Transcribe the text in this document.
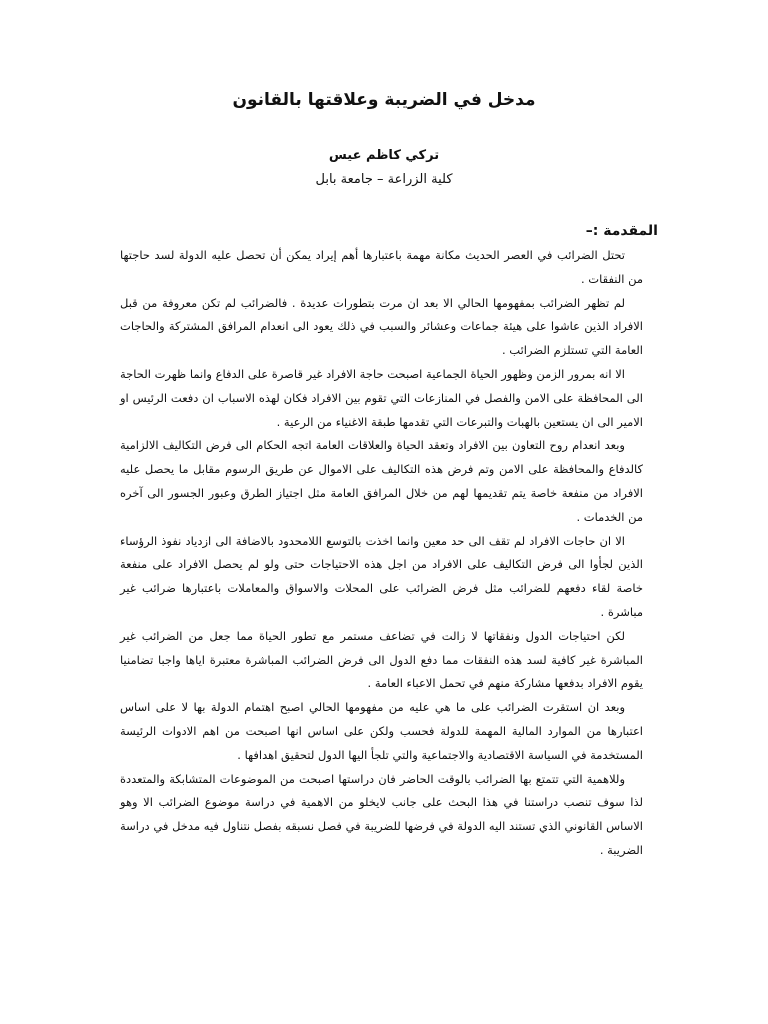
مدخل في الضريبة وعلاقتها بالقانون
تركي كاظم عيس
كلية الزراعة – جامعة بابل
المقدمة :–

تحتل الضرائب في العصر الحديث مكانة مهمة باعتبارها أهم إيراد يمكن أن تحصل عليه الدولة لسد حاجتها من النفقات .

لم تظهر الضرائب بمفهومها الحالي الا بعد ان مرت بتطورات عديدة . فالضرائب لم تكن معروفة من قبل الافراد الذين عاشوا على هيئة جماعات وعشائر والسبب في ذلك يعود الى انعدام المرافق المشتركة والحاجات العامة التي تستلزم الضرائب .

الا انه بمرور الزمن وظهور الحياة الجماعية اصبحت حاجة الافراد غير قاصرة على الدفاع وانما ظهرت الحاجة الى المحافظة على الامن والفصل في المنازعات التي تقوم بين الافراد فكان لهذه الاسباب ان دفعت الرئيس او الامير الى ان يستعين بالهبات والتبرعات التي تقدمها طبقة الاغنياء من الرعية .

وبعد انعدام روح التعاون بين الافراد وتعقد الحياة والعلاقات العامة اتجه الحكام الى فرض التكاليف الالزامية كالدفاع والمحافظة على الامن وتم فرض هذه التكاليف على الاموال عن طريق الرسوم مقابل ما يحصل عليه الافراد من منفعة خاصة يتم تقديمها لهم من خلال المرافق العامة مثل اجتياز الطرق وعبور الجسور الى آخره من الخدمات .

الا ان حاجات الافراد لم تقف الى حد معين وانما اخذت بالتوسع اللامحدود بالاضافة الى ازدياد نفوذ الرؤساء الذين لجأوا الى فرض التكاليف على الافراد من اجل هذه الاحتياجات حتى ولو لم يحصل الافراد على منفعة خاصة لقاء دفعهم للضرائب مثل فرض الضرائب على المحلات والاسواق والمعاملات باعتبارها ضرائب غير مباشرة .

لكن احتياجات الدول ونفقاتها لا زالت في تضاعف مستمر مع تطور الحياة مما جعل من الضرائب غير المباشرة غير كافية لسد هذه النفقات مما دفع الدول الى فرض الضرائب المباشرة معتبرة اياها واجبا تضامنيا يقوم الافراد بدفعها مشاركة منهم في تحمل الاعباء العامة .

وبعد ان استقرت الضرائب على ما هي عليه من مفهومها الحالي اصبح اهتمام الدولة بها لا على اساس اعتبارها من الموارد المالية المهمة للدولة فحسب ولكن على اساس انها اصبحت من اهم الادوات الرئيسة المستخدمة في السياسة الاقتصادية والاجتماعية والتي تلجأ اليها الدول لتحقيق اهدافها .

وللاهمية التي تتمتع بها الضرائب بالوقت الحاضر فان دراستها اصبحت من الموضوعات المتشابكة والمتعددة لذا سوف تنصب دراستنا في هذا البحث على جانب لايخلو من الاهمية في دراسة موضوع الضرائب الا وهو الاساس القانوني الذي تستند اليه الدولة في فرضها للضريبة في فصل نسبقه بفصل نتناول فيه مدخل في دراسة الضريبة .
